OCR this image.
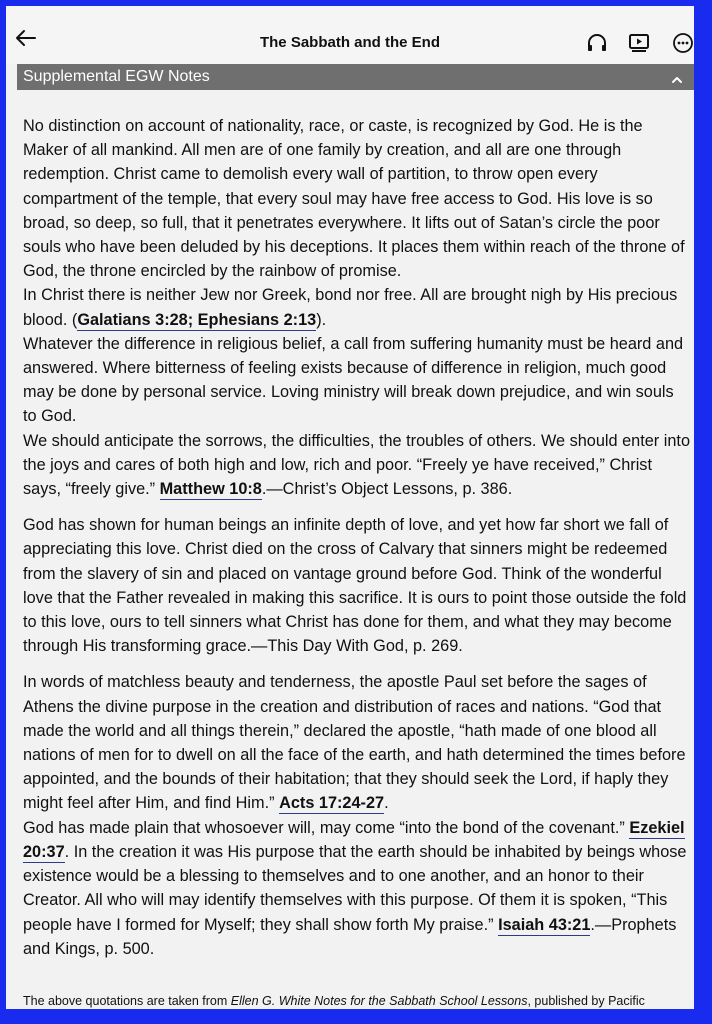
The Sabbath and the End
Supplemental EGW Notes

No distinction on account of nationality, race, or caste, is recognized by God. He is the Maker of all mankind. All men are of one family by creation, and all are one through redemption. Christ came to demolish every wall of partition, to throw open every compartment of the temple, that every soul may have free access to God. His love is so broad, so deep, so full, that it penetrates everywhere. It lifts out of Satan’s circle the poor souls who have been deluded by his deceptions. It places them within reach of the throne of God, the throne encircled by the rainbow of promise.

In Christ there is neither Jew nor Greek, bond nor free. All are brought nigh by His precious blood. (Galatians 3:28; Ephesians 2:13).

Whatever the difference in religious belief, a call from suffering humanity must be heard and answered. Where bitterness of feeling exists because of difference in religion, much good may be done by personal service. Loving ministry will break down prejudice, and win souls to God.

We should anticipate the sorrows, the difficulties, the troubles of others. We should enter into the joys and cares of both high and low, rich and poor. “Freely ye have received,” Christ says, “freely give.” Matthew 10:8.—Christ’s Object Lessons, p. 386.

God has shown for human beings an infinite depth of love, and yet how far short we fall of appreciating this love. Christ died on the cross of Calvary that sinners might be redeemed from the slavery of sin and placed on vantage ground before God. Think of the wonderful love that the Father revealed in making this sacrifice. It is ours to point those outside the fold to this love, ours to tell sinners what Christ has done for them, and what they may become through His transforming grace.—This Day With God, p. 269.

In words of matchless beauty and tenderness, the apostle Paul set before the sages of Athens the divine purpose in the creation and distribution of races and nations. “God that made the world and all things therein,” declared the apostle, “hath made of one blood all nations of men for to dwell on all the face of the earth, and hath determined the times before appointed, and the bounds of their habitation; that they should seek the Lord, if haply they might feel after Him, and find Him.” Acts 17:24-27.

God has made plain that whosoever will, may come “into the bond of the covenant.” Ezekiel 20:37. In the creation it was His purpose that the earth should be inhabited by beings whose existence would be a blessing to themselves and to one another, and an honor to their Creator. All who will may identify themselves with this purpose. Of them it is spoken, “This people have I formed for Myself; they shall show forth My praise.” Isaiah 43:21.—Prophets and Kings, p. 500.

The above quotations are taken from Ellen G. White Notes for the Sabbath School Lessons, published by Pacific
